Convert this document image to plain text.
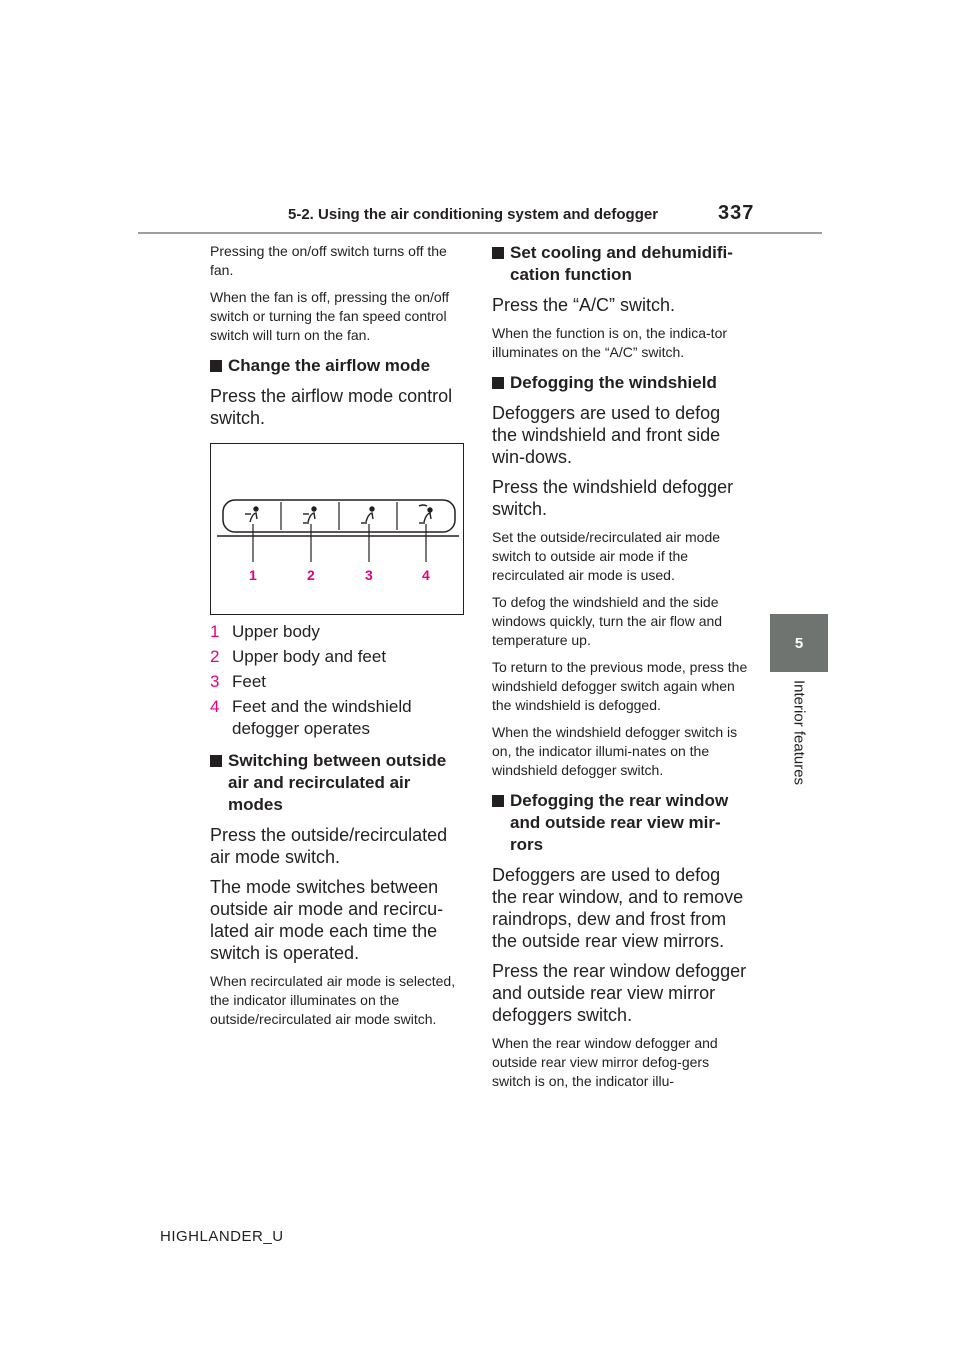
5-2. Using the air conditioning system and defogger	337
5
Interior features

Pressing the on/off switch turns off the fan.

When the fan is off, pressing the on/off switch or turning the fan speed control switch will turn on the fan.

Change the airflow mode

Press the airflow mode control switch.

1	2	3	4
1 Upper body
2 Upper body and feet
3 Feet
4 Feet and the windshield defogger operates
Switching between outside air and recirculated air modes

Press the outside/recirculated air mode switch.

The mode switches between outside air mode and recircu-lated air mode each time the switch is operated.

When recirculated air mode is selected, the indicator illuminates on the outside/recirculated air mode switch.

Set cooling and dehumidifi-cation function

Press the “A/C” switch.

When the function is on, the indica-tor illuminates on the “A/C” switch.

Defogging the windshield

Defoggers are used to defog the windshield and front side win-dows.

Press the windshield defogger switch.

Set the outside/recirculated air mode switch to outside air mode if the recirculated air mode is used.

To defog the windshield and the side windows quickly, turn the air flow and temperature up.

To return to the previous mode, press the windshield defogger switch again when the windshield is defogged.

When the windshield defogger switch is on, the indicator illumi-nates on the windshield defogger switch.

Defogging the rear window and outside rear view mir-rors

Defoggers are used to defog the rear window, and to remove raindrops, dew and frost from the outside rear view mirrors.

Press the rear window defogger and outside rear view mirror defoggers switch.

When the rear window defogger and outside rear view mirror defog-gers switch is on, the indicator illu-

HIGHLANDER_U
